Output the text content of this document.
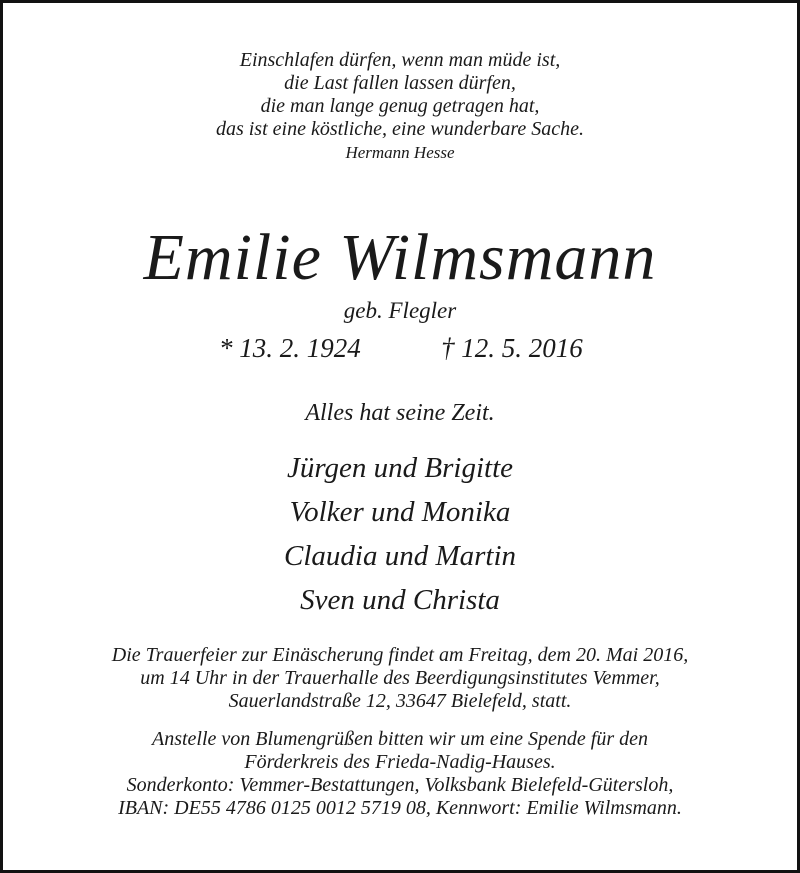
Einschlafen dürfen, wenn man müde ist,
die Last fallen lassen dürfen,
die man lange genug getragen hat,
das ist eine köstliche, eine wunderbare Sache.
Hermann Hesse
Emilie Wilmsmann
geb. Flegler
* 13. 2. 1924	† 12. 5. 2016
Alles hat seine Zeit.
Jürgen und Brigitte
Volker und Monika
Claudia und Martin
Sven und Christa
Die Trauerfeier zur Einäscherung findet am Freitag, dem 20. Mai 2016,
um 14 Uhr in der Trauerhalle des Beerdigungsinstitutes Vemmer,
Sauerlandstraße 12, 33647 Bielefeld, statt.
Anstelle von Blumengrüßen bitten wir um eine Spende für den
Förderkreis des Frieda-Nadig-Hauses.
Sonderkonto: Vemmer-Bestattungen, Volksbank Bielefeld-Gütersloh,
IBAN: DE55 4786 0125 0012 5719 08, Kennwort: Emilie Wilmsmann.
